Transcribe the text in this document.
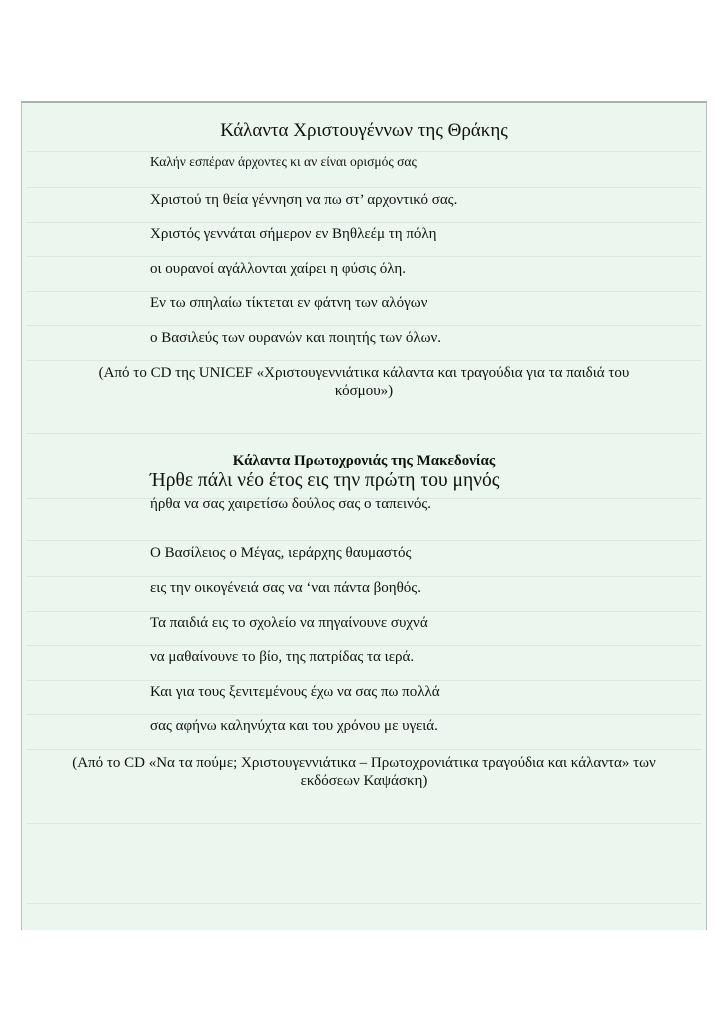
Κάλαντα Χριστουγέννων της Θράκης
Καλήν εσπέραν άρχοντες κι αν είναι ορισμός σας
Χριστού τη θεία γέννηση να πω στ’ αρχοντικό σας.
Χριστός γεννάται σήμερον εν Βηθλεέμ τη πόλη
οι ουρανοί αγάλλονται χαίρει η φύσις όλη.
Εν τω σπηλαίω τίκτεται εν φάτνη των αλόγων
ο Βασιλεύς των ουρανών και ποιητής των όλων.
(Από το CD της UNICEF «Χριστουγεννιάτικα κάλαντα και τραγούδια για τα παιδιά του
κόσμου»)
Κάλαντα Πρωτοχρονιάς της Μακεδονίας
Ήρθε πάλι νέο έτος εις την πρώτη του μηνός
ήρθα να σας χαιρετίσω δούλος σας ο ταπεινός.
Ο Βασίλειος ο Μέγας, ιεράρχης θαυμαστός
εις την οικογένειά σας να ‘ναι πάντα βοηθός.
Τα παιδιά εις το σχολείο να πηγαίνουνε συχνά
να μαθαίνουνε το βίο, της πατρίδας τα ιερά.
Και για τους ξενιτεμένους έχω να σας πω πολλά
σας αφήνω καληνύχτα και του χρόνου με υγειά.
(Από το CD «Να τα πούμε; Χριστουγεννιάτικα – Πρωτοχρονιάτικα τραγούδια και κάλαντα» των
εκδόσεων Καψάσκη)
